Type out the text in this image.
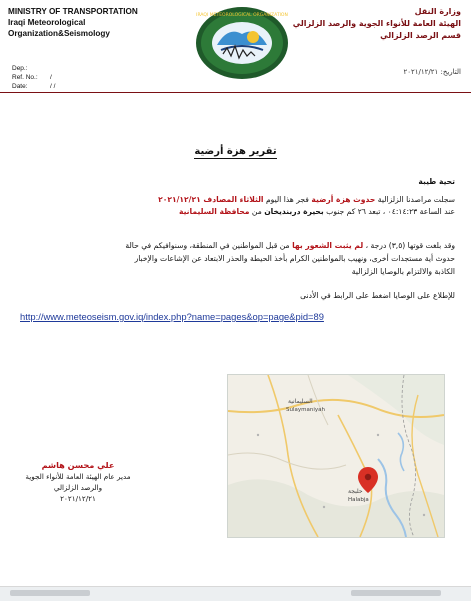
MINISTRY OF TRANSPORTATION
Iraqi Meteorological Organization&Seismology
IRAQI METEOROLOGICAL ORGANIZATION	وزارة النقل
الهيئة العامة للأنواء الجوية والرصد الزلزالي
قسم الرصد الزلزالي
Dep.:
Ref. No.:	/
Date:	/ /
التاريخ: ٢٠٢١/١٢/٢١
تقرير هزة أرضية
تحية طيبة
سجلت مراصدنا الزلزالية حدوث هزة أرضية فجر هذا اليوم الثلاثاء المصادف ٢٠٢١/١٢/٢١
عند الساعة ٠٤:١٤:٢٣ ، تبعد ٢٦ كم جنوب بحيرة دربنديخان من محافظة السليمانية
وقد بلغت قوتها (٣,٥) درجة ، لم يثبت الشعور بها من قبل المواطنين في المنطقة، وسنوافيكم في حالة
حدوث أية مستجدات أخرى، ونهيب بالمواطنين الكرام بأخذ الحيطة والحذر الابتعاد عن الإشاعات والإخبار
الكاذبة والالتزام بالوصايا الزلزالية
للإطلاع على الوصايا اضغط على الرابط في الأدنى
http://www.meteoseism.gov.iq/index.php?name=pages&op=page&pid=89
علي محسن هاشم
مدير عام الهيئة العامة للأنواء الجوية
والرصد الزلزالي
٢٠٢١/١٢/٢١
السليمانية
Sulaymaniyah
حلبجة
Halabja
